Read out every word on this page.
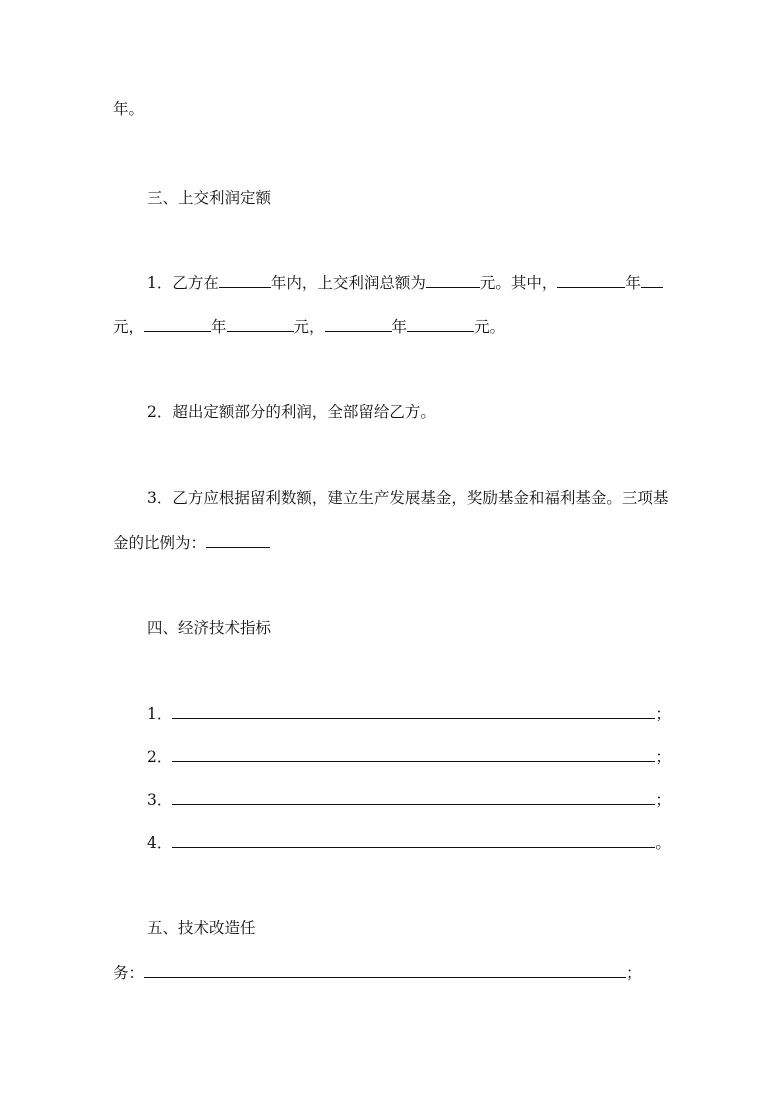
年。
三、上交利润定额
1．乙方在	年内，上交利润总额为	元。其中，	年
元，	年	元，	年	元。
2．超出定额部分的利润，全部留给乙方。
3．乙方应根据留利数额，建立生产发展基金，奖励基金和福利基金。三项基
金的比例为：
四、经济技术指标
1．	；
2．	；
3．	；
4．	。
五、技术改造任
务：	；
